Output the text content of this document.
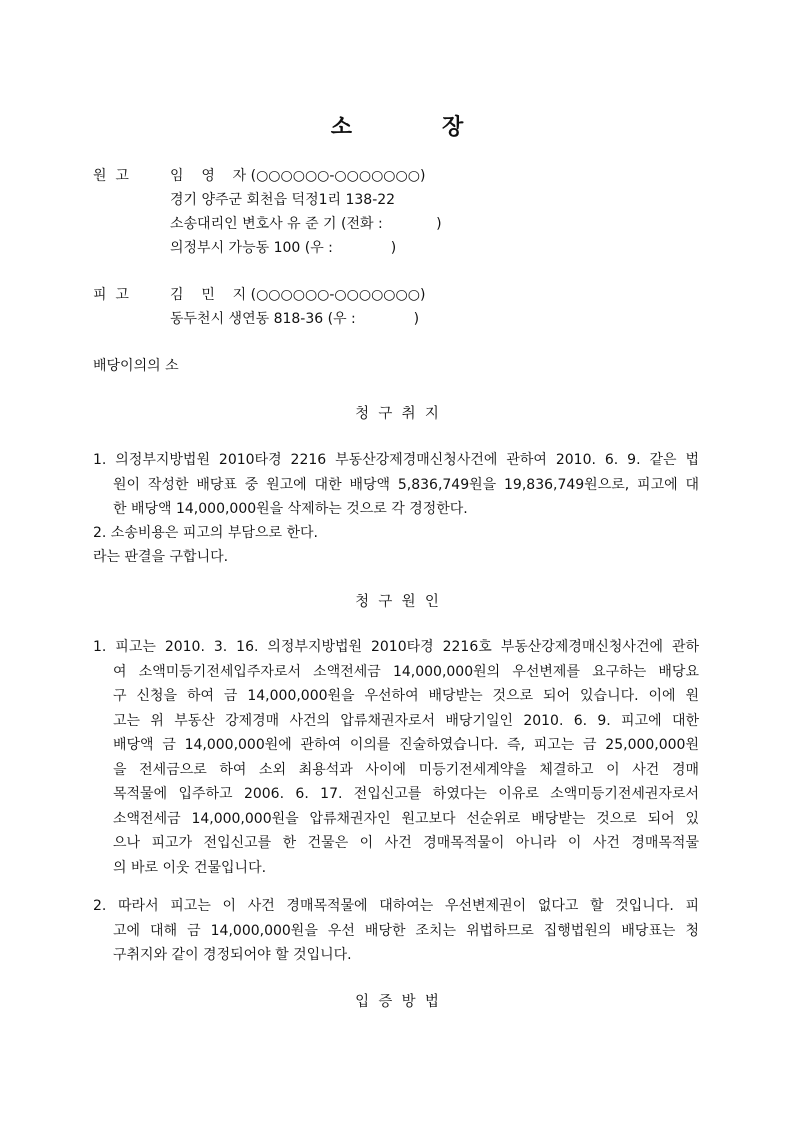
소	장
원  고	임    영    자 (○○○○○○-○○○○○○○)
경기 양주군 회천읍 덕정1리 138-22
소송대리인 변호사 유 준 기 (전화 :            )
의정부시 가능동 100 (우 :             )
피  고	김    민    지 (○○○○○○-○○○○○○○)
동두천시 생연동 818-36 (우 :             )
배당이의의 소
청  구  취  지
1. 의정부지방법원 2010타경 2216 부동산강제경매신청사건에 관하여 2010. 6. 9. 같은 법
원이 작성한 배당표 중 원고에 대한 배당액 5,836,749원을 19,836,749원으로, 피고에 대
한 배당액 14,000,000원을 삭제하는 것으로 각 경정한다.
2. 소송비용은 피고의 부담으로 한다.
라는 판결을 구합니다.
청  구  원  인
1. 피고는 2010. 3. 16. 의정부지방법원 2010타경 2216호 부동산강제경매신청사건에 관하
여 소액미등기전세입주자로서 소액전세금 14,000,000원의 우선변제를 요구하는 배당요
구 신청을 하여 금 14,000,000원을 우선하여 배당받는 것으로 되어 있습니다. 이에 원
고는 위 부동산 강제경매 사건의 압류채권자로서 배당기일인 2010. 6. 9. 피고에 대한
배당액 금 14,000,000원에 관하여 이의를 진술하였습니다. 즉, 피고는 금 25,000,000원
을 전세금으로 하여 소외 최용석과 사이에 미등기전세계약을 체결하고 이 사건 경매
목적물에 입주하고 2006. 6. 17. 전입신고를 하였다는 이유로 소액미등기전세권자로서
소액전세금 14,000,000원을 압류채권자인 원고보다 선순위로 배당받는 것으로 되어 있
으나 피고가 전입신고를 한 건물은 이 사건 경매목적물이 아니라 이 사건 경매목적물
의 바로 이웃 건물입니다.
2. 따라서 피고는 이 사건 경매목적물에 대하여는 우선변제권이 없다고 할 것입니다. 피
고에 대해 금 14,000,000원을 우선 배당한 조치는 위법하므로 집행법원의 배당표는 청
구취지와 같이 경정되어야 할 것입니다.
입  증  방  법
